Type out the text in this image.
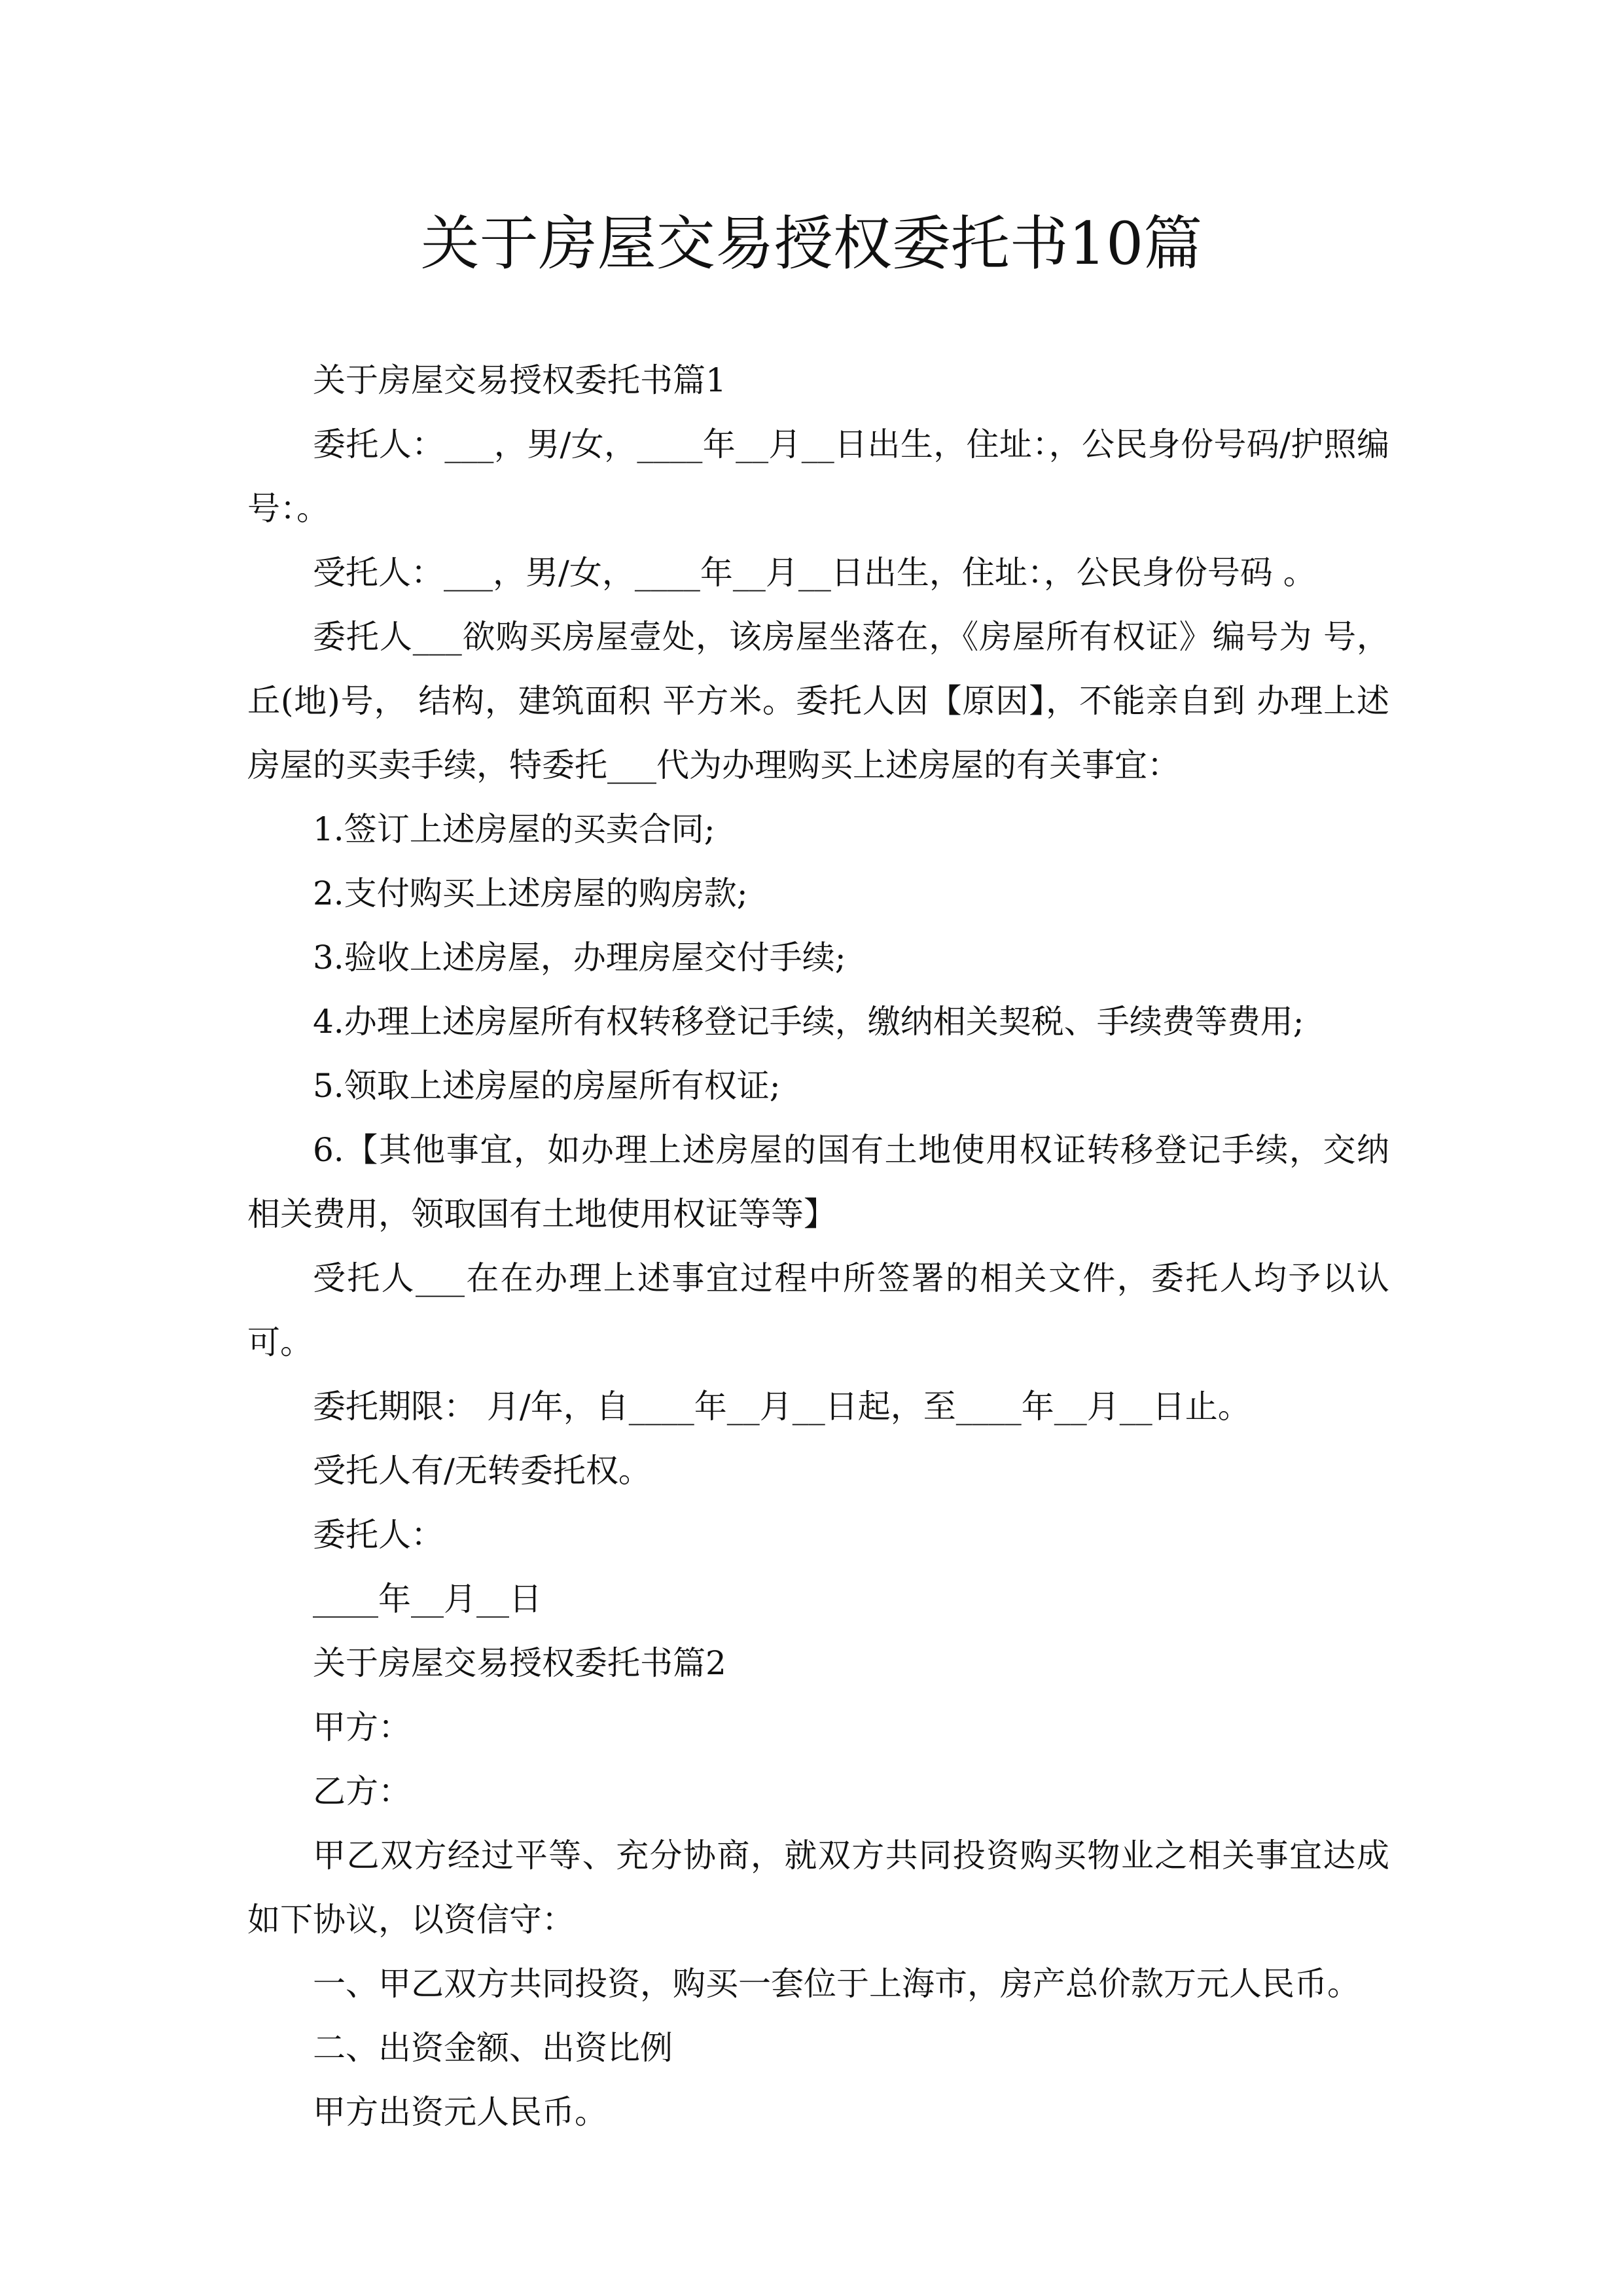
关于房屋交易授权委托书10篇

关于房屋交易授权委托书篇1

委托人：___，男/女，____年__月__日出生，住址：，公民身份号码/护照编号：。

受托人：___，男/女，____年__月__日出生，住址：，公民身份号码 。

委托人___欲购买房屋壹处，该房屋坐落在，《房屋所有权证》编号为 号，丘(地)号， 结构，建筑面积 平方米。委托人因【原因】，不能亲自到 办理上述房屋的买卖手续，特委托___代为办理购买上述房屋的有关事宜：

1.签订上述房屋的买卖合同;

2.支付购买上述房屋的购房款;

3.验收上述房屋，办理房屋交付手续;

4.办理上述房屋所有权转移登记手续，缴纳相关契税、手续费等费用;

5.领取上述房屋的房屋所有权证;

6.【其他事宜，如办理上述房屋的国有土地使用权证转移登记手续，交纳相关费用，领取国有土地使用权证等等】

受托人___在在办理上述事宜过程中所签署的相关文件，委托人均予以认可。

委托期限： 月/年，自____年__月__日起，至____年__月__日止。

受托人有/无转委托权。

委托人：

____年__月__日

关于房屋交易授权委托书篇2

甲方：

乙方：

甲乙双方经过平等、充分协商，就双方共同投资购买物业之相关事宜达成如下协议，以资信守：

一、甲乙双方共同投资，购买一套位于上海市，房产总价款万元人民币。

二、出资金额、出资比例

甲方出资元人民币。
